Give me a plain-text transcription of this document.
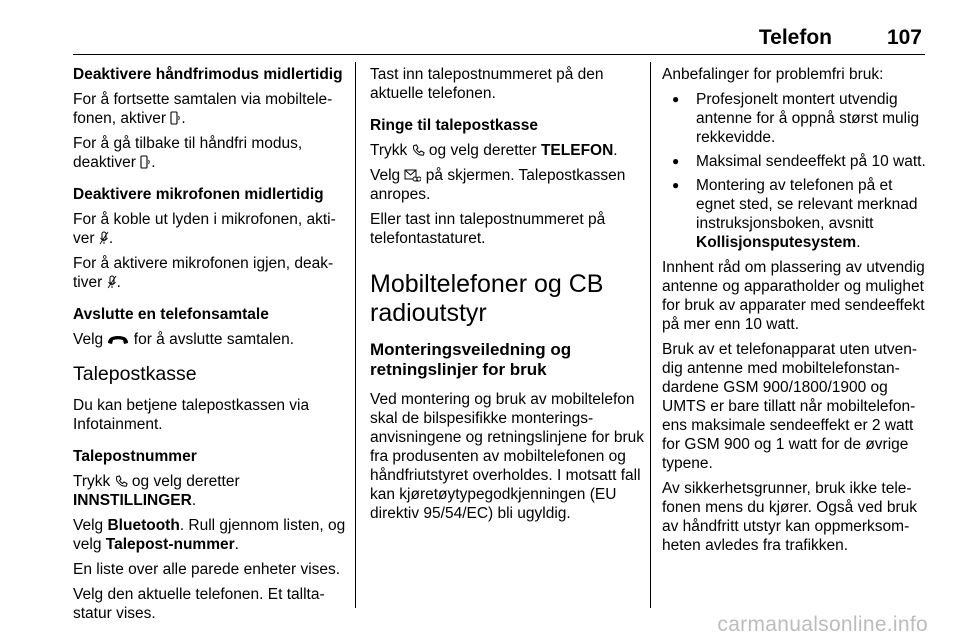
Telefon	107

Deaktivere håndfrimodus midlertidig

For å fortsette samtalen via mobiltelefonen, aktiver .

For å gå tilbake til håndfri modus, deaktiver .

Deaktivere mikrofonen midlertidig

For å koble ut lyden i mikrofonen, aktiver .

For å aktivere mikrofonen igjen, deaktiver .

Avslutte en telefonsamtale

Velg  for å avslutte samtalen.

Talepostkasse

Du kan betjene talepostkassen via Infotainment.

Talepostnummer

Trykk  og velg deretter INNSTILLINGER.

Velg Bluetooth. Rull gjennom listen, og velg Talepost-nummer.

En liste over alle parede enheter vises.

Velg den aktuelle telefonen. Et talltastatur vises.

Tast inn talepostnummeret på den aktuelle telefonen.

Ringe til talepostkasse

Trykk  og velg deretter TELEFON.

Velg  på skjermen. Talepostkassen anropes.

Eller tast inn talepostnummeret på telefontastaturet.

Mobiltelefoner og CB radioutstyr
Monteringsveiledning og retningslinjer for bruk

Ved montering og bruk av mobiltelefon skal de bilspesifikke monteringsanvisningene og retningslinjene for bruk fra produsenten av mobiltelefonen og håndfriutstyret overholdes. I motsatt fall kan kjøretøytypegodkjenningen (EU direktiv 95/54/EC) bli ugyldig.

Anbefalinger for problemfri bruk:

● Profesjonelt montert utvendig antenne for å oppnå størst mulig rekkevidde.
● Maksimal sendeeffekt på 10 watt.
● Montering av telefonen på et egnet sted, se relevant merknad instruksjonsboken, avsnitt Kollisjonsputesystem.

Innhent råd om plassering av utvendig antenne og apparatholder og mulighet for bruk av apparater med sendeeffekt på mer enn 10 watt.

Bruk av et telefonapparat uten utvendig antenne med mobiltelefonstandardene GSM 900/1800/1900 og UMTS er bare tillatt når mobiltelefonens maksimale sendeeffekt er 2 watt for GSM 900 og 1 watt for de øvrige typene.

Av sikkerhetsgrunner, bruk ikke telefonen mens du kjører. Også ved bruk av håndfritt utstyr kan oppmerksomheten avledes fra trafikken.

carmanualsonline.info
